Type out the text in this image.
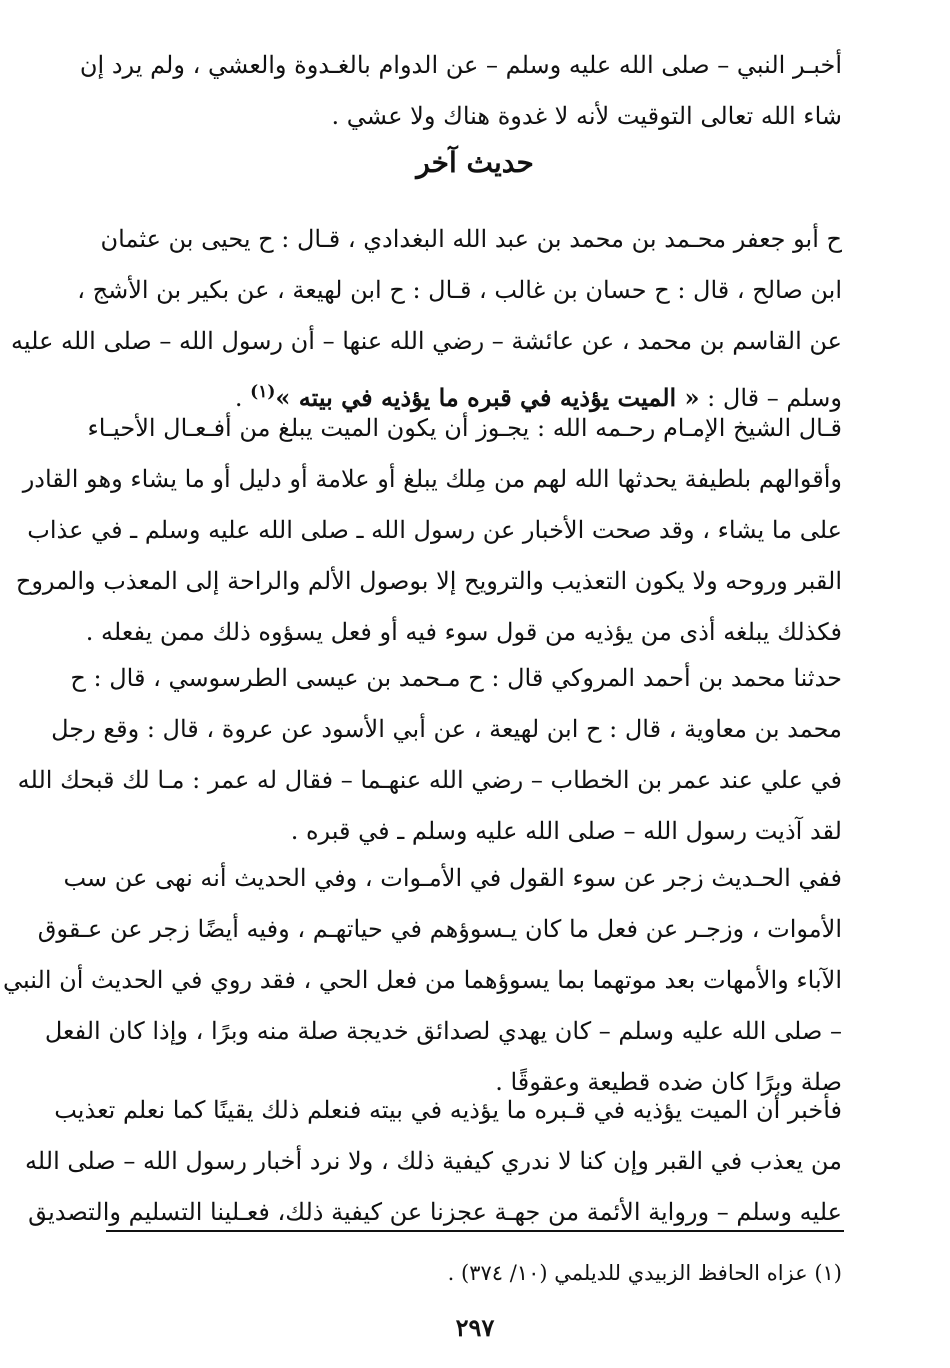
أخبـر النبي – صلى الله عليه وسلم – عن الدوام بالغـدوة والعشي ، ولم يرد إن
شاء الله تعالى التوقيت لأنه لا غدوة هناك ولا عشي .
حديث آخر
ح أبو جعفر محـمد بن محمد بن عبد الله البغدادي ، قـال : ح يحيى بن عثمان
ابن صالح ، قال : ح حسان بن غالب ، قـال : ح ابن لهيعة ، عن بكير بن الأشج ،
عن القاسم بن محمد ، عن عائشة – رضي الله عنها – أن رسول الله – صلى الله عليه
وسلم – قال : « الميت يؤذيه في قبره ما يؤذيه في بيته »$^{(١)}$ .
قـال الشيخ الإمـام رحـمه الله : يجـوز أن يكون الميت يبلغ من أفـعـال الأحيـاء
وأقوالهم بلطيفة يحدثها الله لهم من مِلك يبلغ أو علامة أو دليل أو ما يشاء وهو القادر
على ما يشاء ، وقد صحت الأخبار عن رسول الله ـ صلى الله عليه وسلم ـ في عذاب
القبر وروحه ولا يكون التعذيب والترويح إلا بوصول الألم والراحة إلى المعذب والمروح
فكذلك يبلغه أذى من يؤذيه من قول سوء فيه أو فعل يسؤوه ذلك ممن يفعله .
حدثنا محمد بن أحمد المروكي قال : ح مـحمد بن عيسى الطرسوسي ، قال : ح
محمد بن معاوية ، قال : ح ابن لهيعة ، عن أبي الأسود عن عروة ، قال : وقع رجل
في علي عند عمر بن الخطاب – رضي الله عنهـما – فقال له عمر : مـا لك قبحك الله
لقد آذيت رسول الله – صلى الله عليه وسلم ـ في قبره .
ففي الحـديث زجر عن سوء القول في الأمـوات ، وفي الحديث أنه نهى عن سب
الأموات ، وزجـر عن فعل ما كان يـسوؤهم في حياتهـم ، وفيه أيضًا زجر عن عـقوق
الآباء والأمهات بعد موتهما بما يسوؤهما من فعل الحي ، فقد روي في الحديث أن النبي
– صلى الله عليه وسلم – كان يهدي لصدائق خديجة صلة منه وبرًا ، وإذا كان الفعل
صلة وبرًا كان ضده قطيعة وعقوقًا .
فأخبر أن الميت يؤذيه في قـبره ما يؤذيه في بيته فنعلم ذلك يقينًا كما نعلم تعذيب
من يعذب في القبر وإن كنا لا ندري كيفية ذلك ، ولا نرد أخبار رسول الله – صلى الله
عليه وسلم – ورواية الأئمة من جهـة عجزنا عن كيفية ذلك، فعـلينا التسليم والتصديق
(١) عزاه الحافظ الزبيدي للديلمي (١٠/ ٣٧٤) .
٢٩٧
